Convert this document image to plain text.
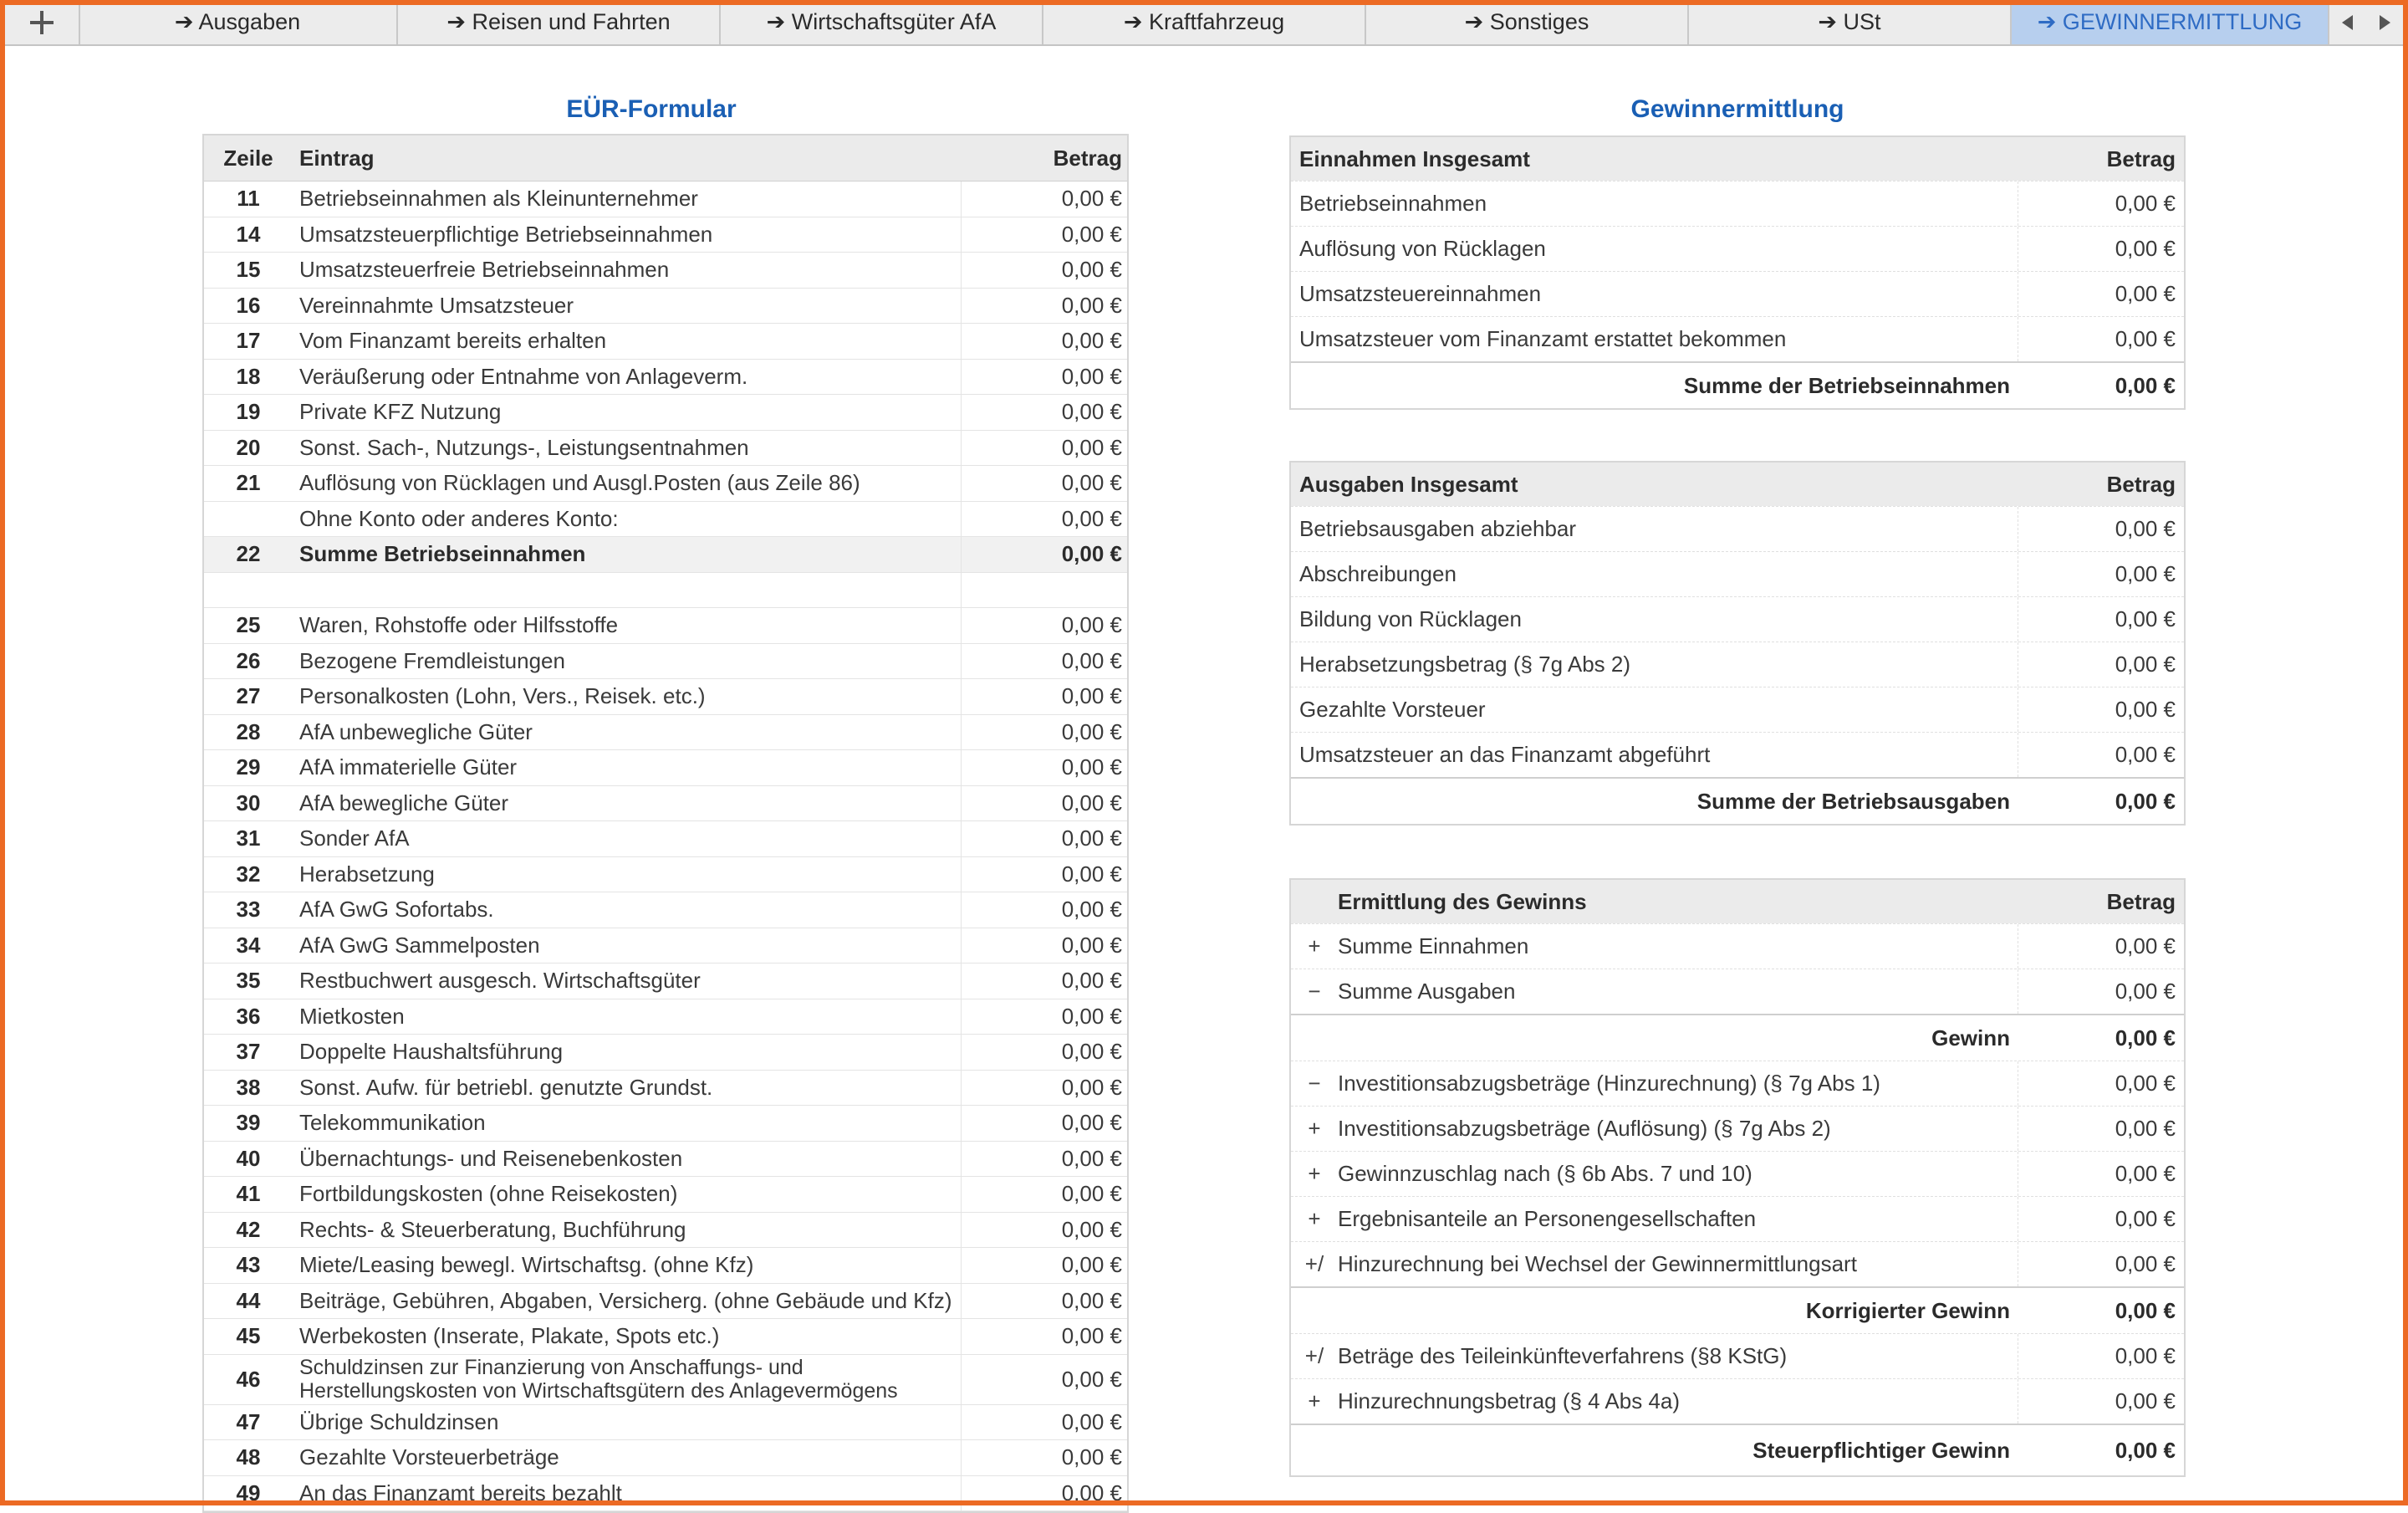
➔ Ausgaben	➔ Reisen und Fahrten	➔ Wirtschaftsgüter AfA	➔ Kraftfahrzeug	➔ Sonstiges	➔ USt	➔ GEWINNERMITTLUNG
EÜR-Formular
Zeile	Eintrag	Betrag
11	Betriebseinnahmen als Kleinunternehmer	0,00 €
14	Umsatzsteuerpflichtige Betriebseinnahmen	0,00 €
15	Umsatzsteuerfreie Betriebseinnahmen	0,00 €
16	Vereinnahmte Umsatzsteuer	0,00 €
17	Vom Finanzamt bereits erhalten	0,00 €
18	Veräußerung oder Entnahme von Anlageverm.	0,00 €
19	Private KFZ Nutzung	0,00 €
20	Sonst. Sach-, Nutzungs-, Leistungsentnahmen	0,00 €
21	Auflösung von Rücklagen und Ausgl.Posten (aus Zeile 86)	0,00 €
Ohne Konto oder anderes Konto:	0,00 €
22	Summe Betriebseinnahmen	0,00 €
25	Waren, Rohstoffe oder Hilfsstoffe	0,00 €
26	Bezogene Fremdleistungen	0,00 €
27	Personalkosten (Lohn, Vers., Reisek. etc.)	0,00 €
28	AfA unbewegliche Güter	0,00 €
29	AfA immaterielle Güter	0,00 €
30	AfA bewegliche Güter	0,00 €
31	Sonder AfA	0,00 €
32	Herabsetzung	0,00 €
33	AfA GwG Sofortabs.	0,00 €
34	AfA GwG Sammelposten	0,00 €
35	Restbuchwert ausgesch. Wirtschaftsgüter	0,00 €
36	Mietkosten	0,00 €
37	Doppelte Haushaltsführung	0,00 €
38	Sonst. Aufw. für betriebl. genutzte Grundst.	0,00 €
39	Telekommunikation	0,00 €
40	Übernachtungs- und Reisenebenkosten	0,00 €
41	Fortbildungskosten (ohne Reisekosten)	0,00 €
42	Rechts- & Steuerberatung, Buchführung	0,00 €
43	Miete/Leasing bewegl. Wirtschaftsg. (ohne Kfz)	0,00 €
44	Beiträge, Gebühren, Abgaben, Versicherg. (ohne Gebäude und Kfz)	0,00 €
45	Werbekosten (Inserate, Plakate, Spots etc.)	0,00 €
46	Schuldzinsen zur Finanzierung von Anschaffungs- und Herstellungskosten von Wirtschaftsgütern des Anlagevermögens	0,00 €
47	Übrige Schuldzinsen	0,00 €
48	Gezahlte Vorsteuerbeträge	0,00 €
49	An das Finanzamt bereits bezahlt	0,00 €
Gewinnermittlung
Einnahmen Insgesamt	Betrag
Betriebseinnahmen	0,00 €
Auflösung von Rücklagen	0,00 €
Umsatzsteuereinnahmen	0,00 €
Umsatzsteuer vom Finanzamt erstattet bekommen	0,00 €
Summe der Betriebseinnahmen	0,00 €
Ausgaben Insgesamt	Betrag
Betriebsausgaben abziehbar	0,00 €
Abschreibungen	0,00 €
Bildung von Rücklagen	0,00 €
Herabsetzungsbetrag (§ 7g Abs 2)	0,00 €
Gezahlte Vorsteuer	0,00 €
Umsatzsteuer an das Finanzamt abgeführt	0,00 €
Summe der Betriebsausgaben	0,00 €
Ermittlung des Gewinns	Betrag
+ Summe Einnahmen	0,00 €
− Summe Ausgaben	0,00 €
Gewinn	0,00 €
− Investitionsabzugsbeträge (Hinzurechnung) (§ 7g Abs 1)	0,00 €
+ Investitionsabzugsbeträge (Auflösung) (§ 7g Abs 2)	0,00 €
+ Gewinnzuschlag nach (§ 6b Abs. 7 und 10)	0,00 €
+ Ergebnisanteile an Personengesellschaften	0,00 €
+/ Hinzurechnung bei Wechsel der Gewinnermittlungsart	0,00 €
Korrigierter Gewinn	0,00 €
+/ Beträge des Teileinkünfteverfahrens (§8 KStG)	0,00 €
+ Hinzurechnungsbetrag (§ 4 Abs 4a)	0,00 €
Steuerpflichtiger Gewinn	0,00 €
